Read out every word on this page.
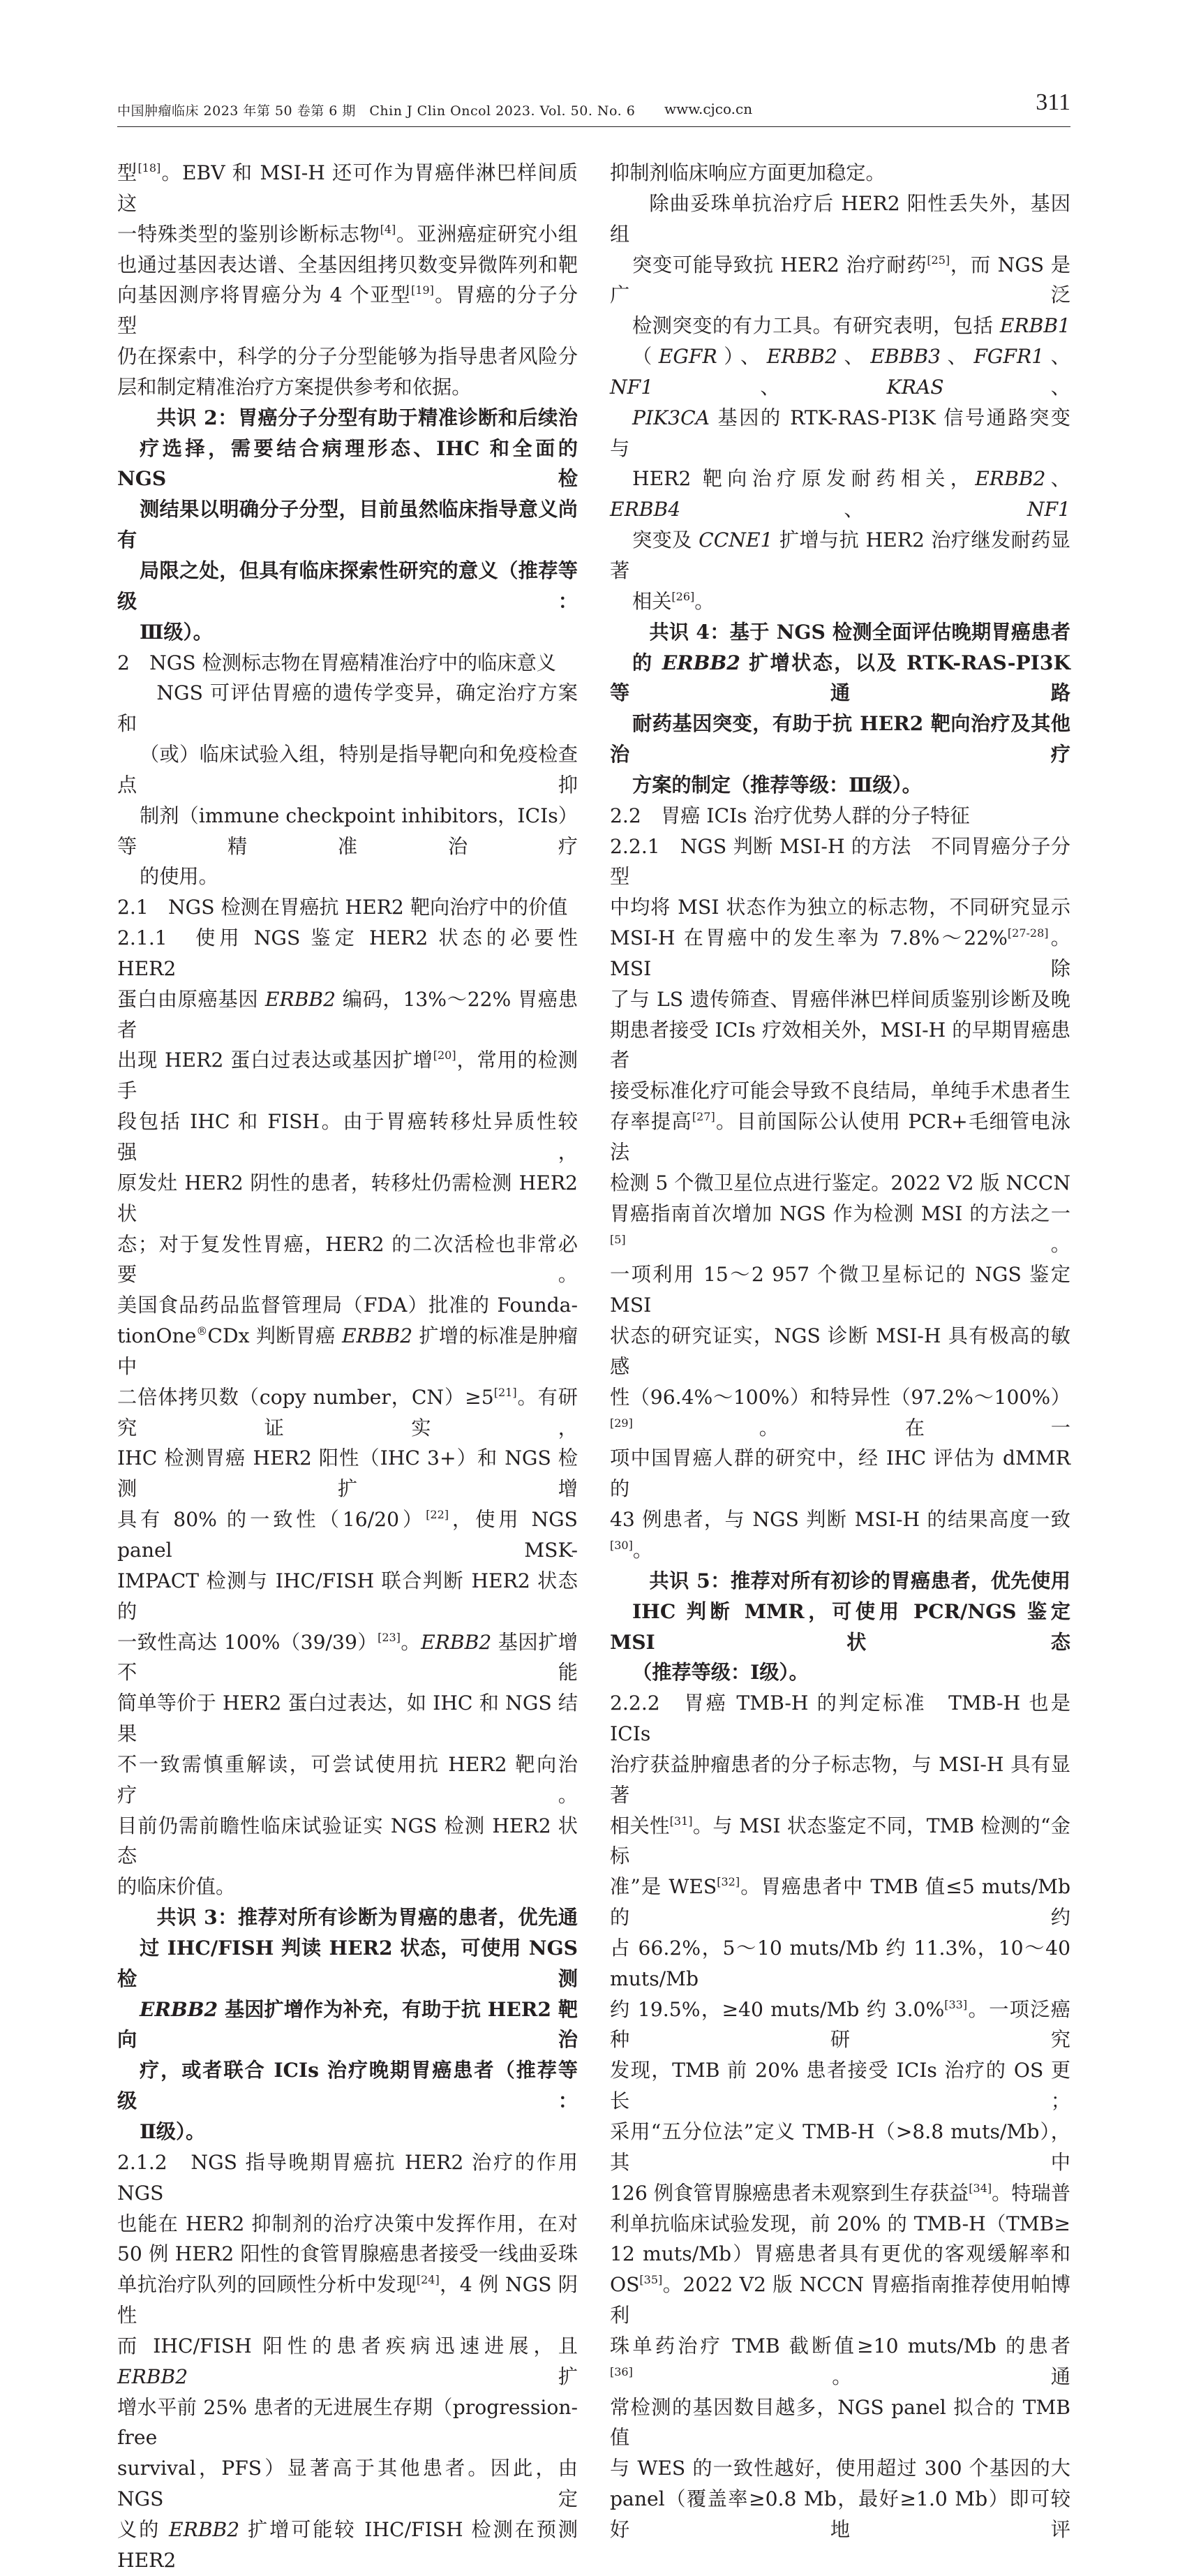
中国肿瘤临床 2023 年第 50 卷第 6 期　 Chin J Clin Oncol 2023. Vol. 50. No. 6 www.cjco.cn	311

型[18]。EBV 和 MSI-H 还可作为胃癌伴淋巴样间质这

一特殊类型的鉴别诊断标志物[4]。亚洲癌症研究小组

也通过基因表达谱、全基因组拷贝数变异微阵列和靶

向基因测序将胃癌分为 4 个亚型[19]。胃癌的分子分型

仍在探索中，科学的分子分型能够为指导患者风险分

层和制定精准治疗方案提供参考和依据。

共识 2：胃癌分子分型有助于精准诊断和后续治

疗选择，需要结合病理形态、IHC 和全面的 NGS 检

测结果以明确分子分型，目前虽然临床指导意义尚有

局限之处，但具有临床探索性研究的意义（推荐等级：

Ⅲ级）。

2　NGS 检测标志物在胃癌精准治疗中的临床意义

NGS 可评估胃癌的遗传学变异，确定治疗方案和

（或）临床试验入组，特别是指导靶向和免疫检查点抑

制剂（immune checkpoint inhibitors，ICIs）等精准治疗

的使用。

2.1　NGS 检测在胃癌抗 HER2 靶向治疗中的价值

2.1.1　使用 NGS 鉴定 HER2 状态的必要性　HER2

蛋白由原癌基因 ERBB2 编码，13%～22% 胃癌患者

出现 HER2 蛋白过表达或基因扩增[20]，常用的检测手

段包括 IHC 和 FISH。由于胃癌转移灶异质性较强，

原发灶 HER2 阴性的患者，转移灶仍需检测 HER2 状

态；对于复发性胃癌，HER2 的二次活检也非常必要。

美国食品药品监督管理局（FDA）批准的 Founda-

tionOne®CDx 判断胃癌 ERBB2 扩增的标准是肿瘤中

二倍体拷贝数（copy number，CN）≥5[21]。有研究证实，

IHC 检测胃癌 HER2 阳性（IHC 3+）和 NGS 检测扩增

具有 80% 的一致性（16/20）[22]，使用 NGS panel MSK-

IMPACT 检测与 IHC/FISH 联合判断 HER2 状态的

一致性高达 100%（39/39）[23]。ERBB2 基因扩增不能

简单等价于 HER2 蛋白过表达，如 IHC 和 NGS 结果

不一致需慎重解读，可尝试使用抗 HER2 靶向治疗。

目前仍需前瞻性临床试验证实 NGS 检测 HER2 状态

的临床价值。

共识 3：推荐对所有诊断为胃癌的患者，优先通

过 IHC/FISH 判读 HER2 状态，可使用 NGS 检测

ERBB2 基因扩增作为补充，有助于抗 HER2 靶向治

疗，或者联合 ICIs 治疗晚期胃癌患者（推荐等级：

Ⅱ级）。

2.1.2　NGS 指导晚期胃癌抗 HER2 治疗的作用　NGS

也能在 HER2 抑制剂的治疗决策中发挥作用，在对

50 例 HER2 阳性的食管胃腺癌患者接受一线曲妥珠

单抗治疗队列的回顾性分析中发现[24]，4 例 NGS 阴性

而 IHC/FISH 阳性的患者疾病迅速进展，且 ERBB2 扩

增水平前 25% 患者的无进展生存期（progression-free

survival，PFS）显著高于其他患者。因此，由 NGS 定

义的 ERBB2 扩增可能较 IHC/FISH 检测在预测 HER2

抑制剂临床响应方面更加稳定。

除曲妥珠单抗治疗后 HER2 阳性丢失外，基因组

突变可能导致抗 HER2 治疗耐药[25]，而 NGS 是广泛

检测突变的有力工具。有研究表明，包括 ERBB1

（EGFR）、ERBB2、EBBB3、FGFR1、NF1、KRAS、

PIK3CA 基因的 RTK-RAS-PI3K 信号通路突变与

HER2 靶向治疗原发耐药相关，ERBB2、ERBB4、NF1

突变及 CCNE1 扩增与抗 HER2 治疗继发耐药显著

相关[26]。

共识 4：基于 NGS 检测全面评估晚期胃癌患者

的 ERBB2 扩增状态，以及 RTK-RAS-PI3K 等通路

耐药基因突变，有助于抗 HER2 靶向治疗及其他治疗

方案的制定（推荐等级：Ⅲ级）。

2.2　胃癌 ICIs 治疗优势人群的分子特征

2.2.1　NGS 判断 MSI-H 的方法　不同胃癌分子分型

中均将 MSI 状态作为独立的标志物，不同研究显示

MSI-H 在胃癌中的发生率为 7.8%～22%[27-28]。MSI 除

了与 LS 遗传筛查、胃癌伴淋巴样间质鉴别诊断及晚

期患者接受 ICIs 疗效相关外，MSI-H 的早期胃癌患者

接受标准化疗可能会导致不良结局，单纯手术患者生

存率提高[27]。目前国际公认使用 PCR+毛细管电泳法

检测 5 个微卫星位点进行鉴定。2022 V2 版 NCCN

胃癌指南首次增加 NGS 作为检测 MSI 的方法之一[5]。

一项利用 15～2 957 个微卫星标记的 NGS 鉴定 MSI

状态的研究证实，NGS 诊断 MSI-H 具有极高的敏感

性（96.4%～100%）和特异性（97.2%～100%）[29]。在一

项中国胃癌人群的研究中，经 IHC 评估为 dMMR 的

43 例患者，与 NGS 判断 MSI-H 的结果高度一致[30]。

共识 5：推荐对所有初诊的胃癌患者，优先使用

IHC 判断 MMR，可使用 PCR/NGS 鉴定 MSI 状态

（推荐等级：Ⅰ级）。

2.2.2　胃癌 TMB-H 的判定标准　TMB-H 也是 ICIs

治疗获益肿瘤患者的分子标志物，与 MSI-H 具有显著

相关性[31]。与 MSI 状态鉴定不同，TMB 检测的“金标

准”是 WES[32]。胃癌患者中 TMB 值≤5 muts/Mb 的约

占 66.2%，5～10 muts/Mb 约 11.3%，10～40 muts/Mb

约 19.5%，≥40 muts/Mb 约 3.0%[33]。一项泛癌种研究

发现，TMB 前 20% 患者接受 ICIs 治疗的 OS 更长；

采用“五分位法”定义 TMB-H（>8.8 muts/Mb），其中

126 例食管胃腺癌患者未观察到生存获益[34]。特瑞普

利单抗临床试验发现，前 20% 的 TMB-H（TMB≥

12 muts/Mb）胃癌患者具有更优的客观缓解率和

OS[35]。2022 V2 版 NCCN 胃癌指南推荐使用帕博利

珠单药治疗 TMB 截断值≥10 muts/Mb 的患者[36]。通

常检测的基因数目越多，NGS panel 拟合的 TMB 值

与 WES 的一致性越好，使用超过 300 个基因的大

panel（覆盖率≥0.8 Mb，最好≥1.0 Mb）即可较好地评
